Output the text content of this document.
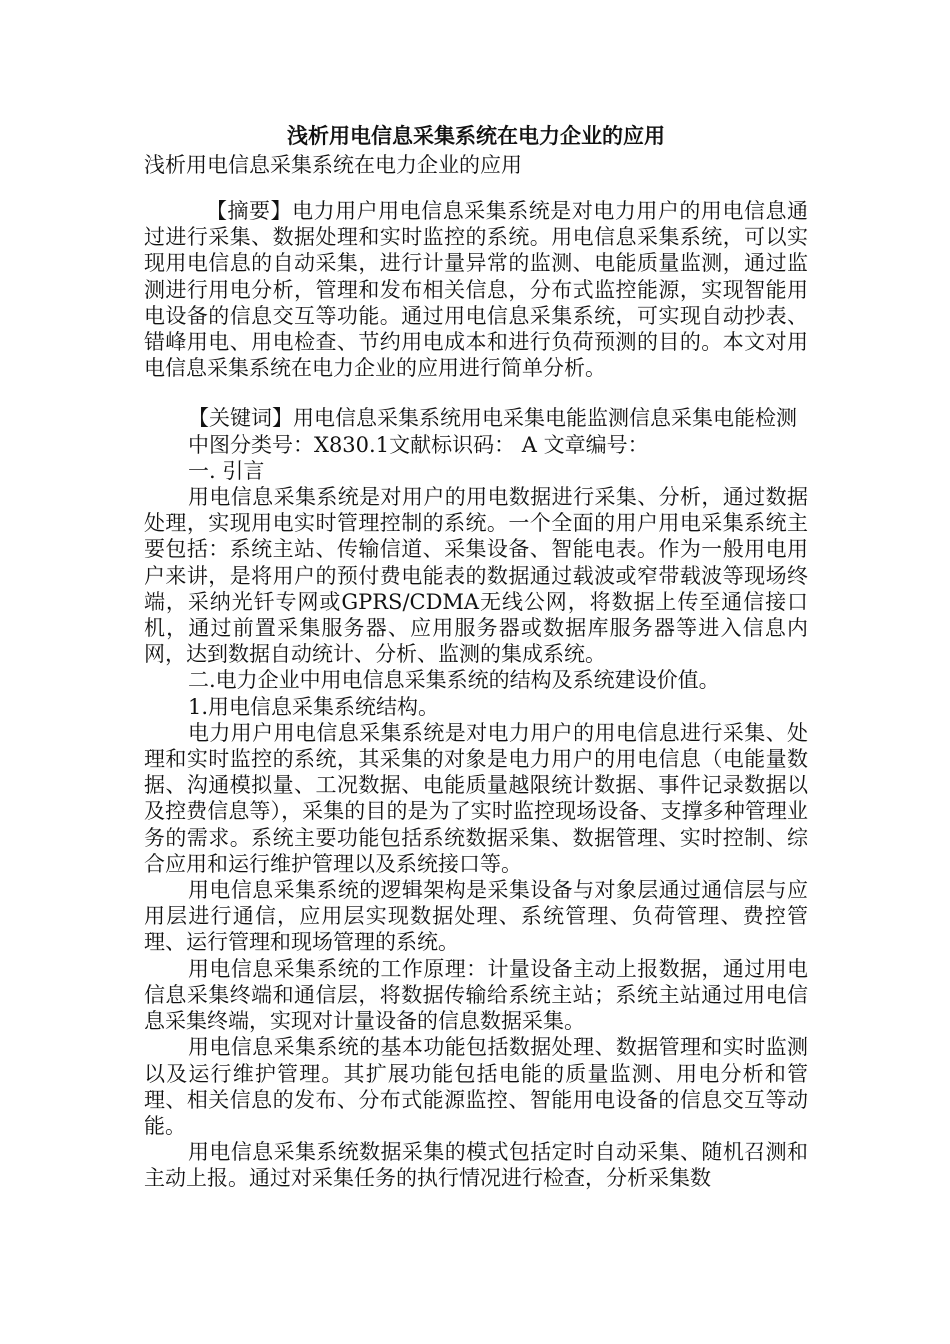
浅析用电信息采集系统在电力企业的应用
浅析用电信息采集系统在电力企业的应用

【摘要】电力用户用电信息采集系统是对电力用户的用电信息通过进行采集、数据处理和实时监控的系统。用电信息采集系统，可以实现用电信息的自动采集，进行计量异常的监测、电能质量监测，通过监测进行用电分析，管理和发布相关信息，分布式监控能源，实现智能用电设备的信息交互等功能。通过用电信息采集系统，可实现自动抄表、错峰用电、用电检查、节约用电成本和进行负荷预测的目的。本文对用电信息采集系统在电力企业的应用进行简单分析。

【关键词】用电信息采集系统用电采集电能监测信息采集电能检测

中图分类号：X830.1文献标识码： A 文章编号：

一. 引言

用电信息采集系统是对用户的用电数据进行采集、分析，通过数据处理，实现用电实时管理控制的系统。一个全面的用户用电采集系统主要包括：系统主站、传输信道、采集设备、智能电表。作为一般用电用户来讲，是将用户的预付费电能表的数据通过载波或窄带载波等现场终端，采纳光钎专网或GPRS/CDMA无线公网，将数据上传至通信接口机，通过前置采集服务器、应用服务器或数据库服务器等进入信息内网，达到数据自动统计、分析、监测的集成系统。

二.电力企业中用电信息采集系统的结构及系统建设价值。

1.用电信息采集系统结构。

电力用户用电信息采集系统是对电力用户的用电信息进行采集、处理和实时监控的系统，其采集的对象是电力用户的用电信息（电能量数据、沟通模拟量、工况数据、电能质量越限统计数据、事件记录数据以及控费信息等），采集的目的是为了实时监控现场设备、支撑多种管理业务的需求。系统主要功能包括系统数据采集、数据管理、实时控制、综合应用和运行维护管理以及系统接口等。

用电信息采集系统的逻辑架构是采集设备与对象层通过通信层与应用层进行通信，应用层实现数据处理、系统管理、负荷管理、费控管理、运行管理和现场管理的系统。

用电信息采集系统的工作原理：计量设备主动上报数据，通过用电信息采集终端和通信层，将数据传输给系统主站；系统主站通过用电信息采集终端，实现对计量设备的信息数据采集。

用电信息采集系统的基本功能包括数据处理、数据管理和实时监测以及运行维护管理。其扩展功能包括电能的质量监测、用电分析和管理、相关信息的发布、分布式能源监控、智能用电设备的信息交互等动能。

用电信息采集系统数据采集的模式包括定时自动采集、随机召测和主动上报。通过对采集任务的执行情况进行检查，分析采集数
